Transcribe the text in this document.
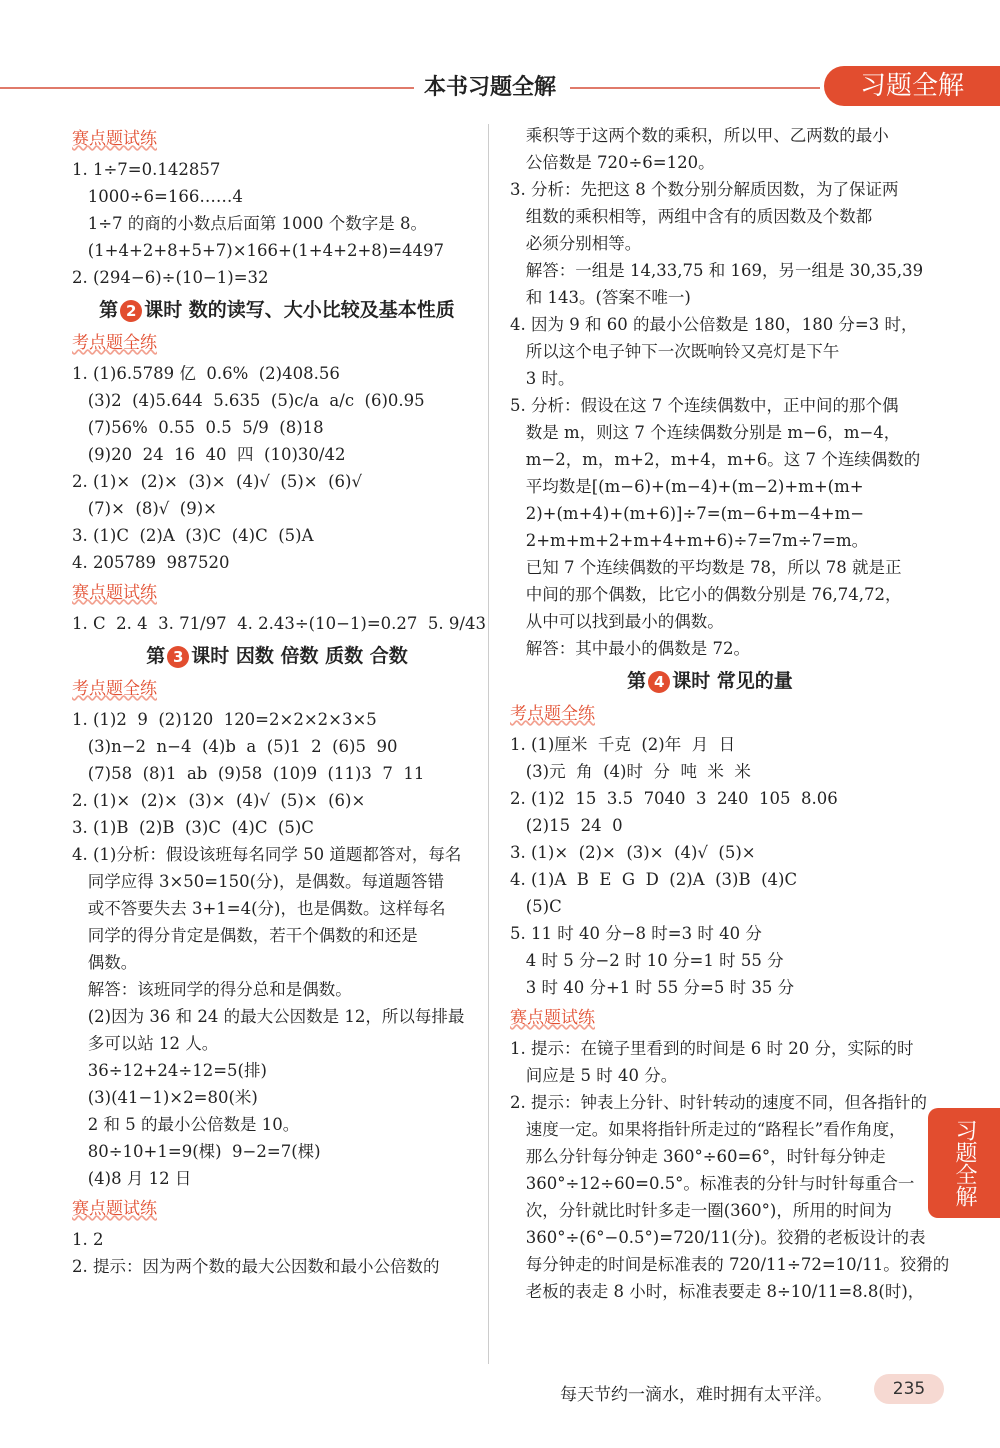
本书习题全解	习题全解
赛点题试练
1. 1÷7=0.142857
1000÷6=166……4
1÷7 的商的小数点后面第 1000 个数字是 8。
(1+4+2+8+5+7)×166+(1+4+2+8)=4497
2. (294−6)÷(10−1)=32
第 2 课时 数的读写、大小比较及基本性质
考点题全练
1. (1)6.5789 亿  0.6%  (2)408.56
(3)2  (4)5.644  5.635  (5)c/a  a/c  (6)0.95
(7)56%  0.55  0.5̇  5/9  (8)18
(9)20  24  16  40  四  (10)30/42
2. (1)×  (2)×  (3)×  (4)√  (5)×  (6)√
(7)×  (8)√  (9)×
3. (1)C  (2)A  (3)C  (4)C  (5)A
4. 205789  987520
赛点题试练
1. C  2. 4  3. 71/97  4. 2.43÷(10−1)=0.27  5. 9/43
第 3 课时 因数 倍数 质数 合数
考点题全练
1. (1)2  9  (2)120  120=2×2×2×3×5
(3)n−2  n−4  (4)b  a  (5)1  2  (6)5  90
(7)58  (8)1  ab  (9)58  (10)9  (11)3  7  11
2. (1)×  (2)×  (3)×  (4)√  (5)×  (6)×
3. (1)B  (2)B  (3)C  (4)C  (5)C
4. (1)分析：假设该班每名同学 50 道题都答对，每名
同学应得 3×50=150(分)，是偶数。每道题答错
或不答要失去 3+1=4(分)，也是偶数。这样每名
同学的得分肯定是偶数，若干个偶数的和还是
偶数。
解答：该班同学的得分总和是偶数。
(2)因为 36 和 24 的最大公因数是 12，所以每排最
多可以站 12 人。
36÷12+24÷12=5(排)
(3)(41−1)×2=80(米)
2 和 5 的最小公倍数是 10。
80÷10+1=9(棵)  9−2=7(棵)
(4)8 月 12 日
赛点题试练
1. 2
2. 提示：因为两个数的最大公因数和最小公倍数的
乘积等于这两个数的乘积，所以甲、乙两数的最小
公倍数是 720÷6=120。
3. 分析：先把这 8 个数分别分解质因数，为了保证两
组数的乘积相等，两组中含有的质因数及个数都
必须分别相等。
解答：一组是 14,33,75 和 169，另一组是 30,35,39
和 143。(答案不唯一)
4. 因为 9 和 60 的最小公倍数是 180，180 分=3 时，
所以这个电子钟下一次既响铃又亮灯是下午
3 时。
5. 分析：假设在这 7 个连续偶数中，正中间的那个偶
数是 m，则这 7 个连续偶数分别是 m−6，m−4，
m−2，m，m+2，m+4，m+6。这 7 个连续偶数的
平均数是[(m−6)+(m−4)+(m−2)+m+(m+
2)+(m+4)+(m+6)]÷7=(m−6+m−4+m−
2+m+m+2+m+4+m+6)÷7=7m÷7=m。
已知 7 个连续偶数的平均数是 78，所以 78 就是正
中间的那个偶数，比它小的偶数分别是 76,74,72，
从中可以找到最小的偶数。
解答：其中最小的偶数是 72。
第 4 课时 常见的量
考点题全练
1. (1)厘米  千克  (2)年  月  日
(3)元  角  (4)时  分  吨  米  米
2. (1)2  15  3.5  7040  3  240  105  8.06
(2)15  24  0
3. (1)×  (2)×  (3)×  (4)√  (5)×
4. (1)A  B  E  G  D  (2)A  (3)B  (4)C
(5)C
5. 11 时 40 分−8 时=3 时 40 分
4 时 5 分−2 时 10 分=1 时 55 分
3 时 40 分+1 时 55 分=5 时 35 分
赛点题试练
1. 提示：在镜子里看到的时间是 6 时 20 分，实际的时
间应是 5 时 40 分。
2. 提示：钟表上分针、时针转动的速度不同，但各指针的
速度一定。如果将指针所走过的“路程长”看作角度，
那么分针每分钟走 360°÷60=6°，时针每分钟走
360°÷12÷60=0.5°。标准表的分针与时针每重合一
次，分针就比时针多走一圈(360°)，所用的时间为
360°÷(6°−0.5°)=720/11(分)。狡猾的老板设计的表
每分钟走的时间是标准表的 720/11÷72=10/11。狡猾的
老板的表走 8 小时，标准表要走 8÷10/11=8.8(时)，
习题全解
每天节约一滴水，难时拥有太平洋。	235
